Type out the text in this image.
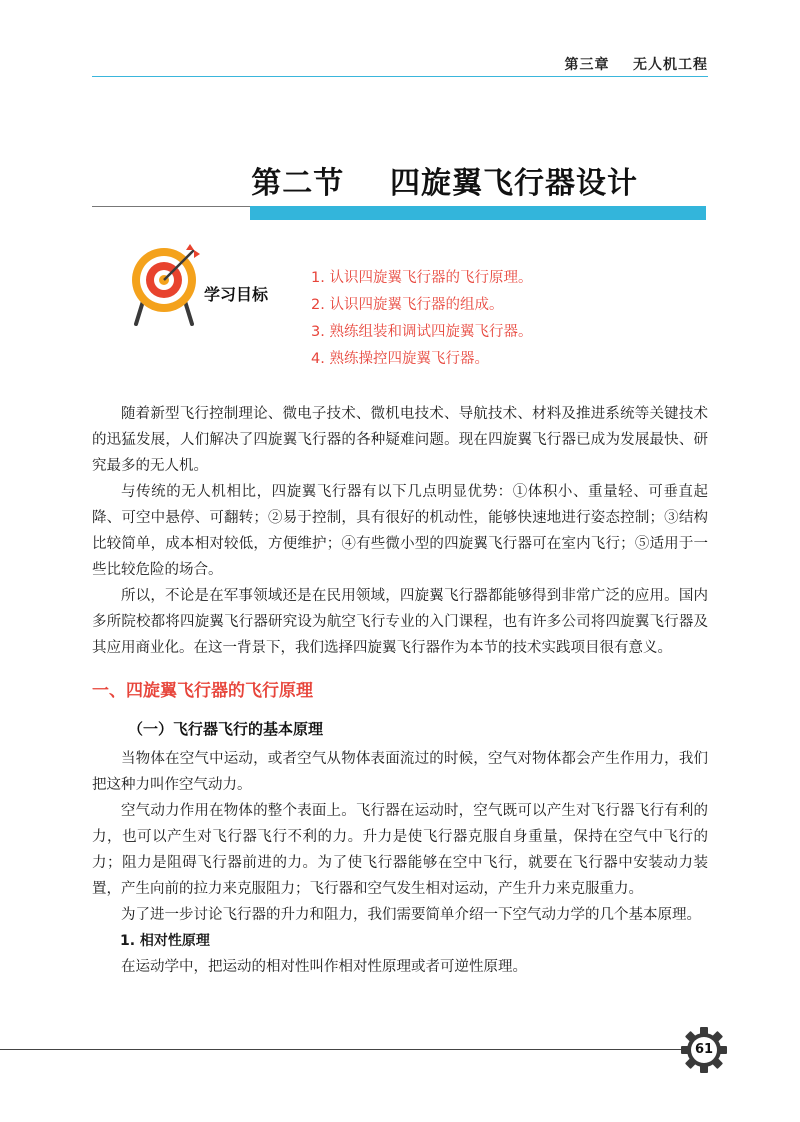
第三章    无人机工程
第二节    四旋翼飞行器设计
学习目标
1. 认识四旋翼飞行器的飞行原理。
2. 认识四旋翼飞行器的组成。
3. 熟练组装和调试四旋翼飞行器。
4. 熟练操控四旋翼飞行器。

随着新型飞行控制理论、微电子技术、微机电技术、导航技术、材料及推进系统等关键技术的迅猛发展，人们解决了四旋翼飞行器的各种疑难问题。现在四旋翼飞行器已成为发展最快、研究最多的无人机。

与传统的无人机相比，四旋翼飞行器有以下几点明显优势：①体积小、重量轻、可垂直起降、可空中悬停、可翻转；②易于控制，具有很好的机动性，能够快速地进行姿态控制；③结构比较简单，成本相对较低，方便维护；④有些微小型的四旋翼飞行器可在室内飞行；⑤适用于一些比较危险的场合。

所以，不论是在军事领域还是在民用领域，四旋翼飞行器都能够得到非常广泛的应用。国内多所院校都将四旋翼飞行器研究设为航空飞行专业的入门课程，也有许多公司将四旋翼飞行器及其应用商业化。在这一背景下，我们选择四旋翼飞行器作为本节的技术实践项目很有意义。

一、四旋翼飞行器的飞行原理
（一）飞行器飞行的基本原理

当物体在空气中运动，或者空气从物体表面流过的时候，空气对物体都会产生作用力，我们把这种力叫作空气动力。

空气动力作用在物体的整个表面上。飞行器在运动时，空气既可以产生对飞行器飞行有利的力，也可以产生对飞行器飞行不利的力。升力是使飞行器克服自身重量，保持在空气中飞行的力；阻力是阻碍飞行器前进的力。为了使飞行器能够在空中飞行，就要在飞行器中安装动力装置，产生向前的拉力来克服阻力；飞行器和空气发生相对运动，产生升力来克服重力。

为了进一步讨论飞行器的升力和阻力，我们需要简单介绍一下空气动力学的几个基本原理。

1. 相对性原理

在运动学中，把运动的相对性叫作相对性原理或者可逆性原理。

61
